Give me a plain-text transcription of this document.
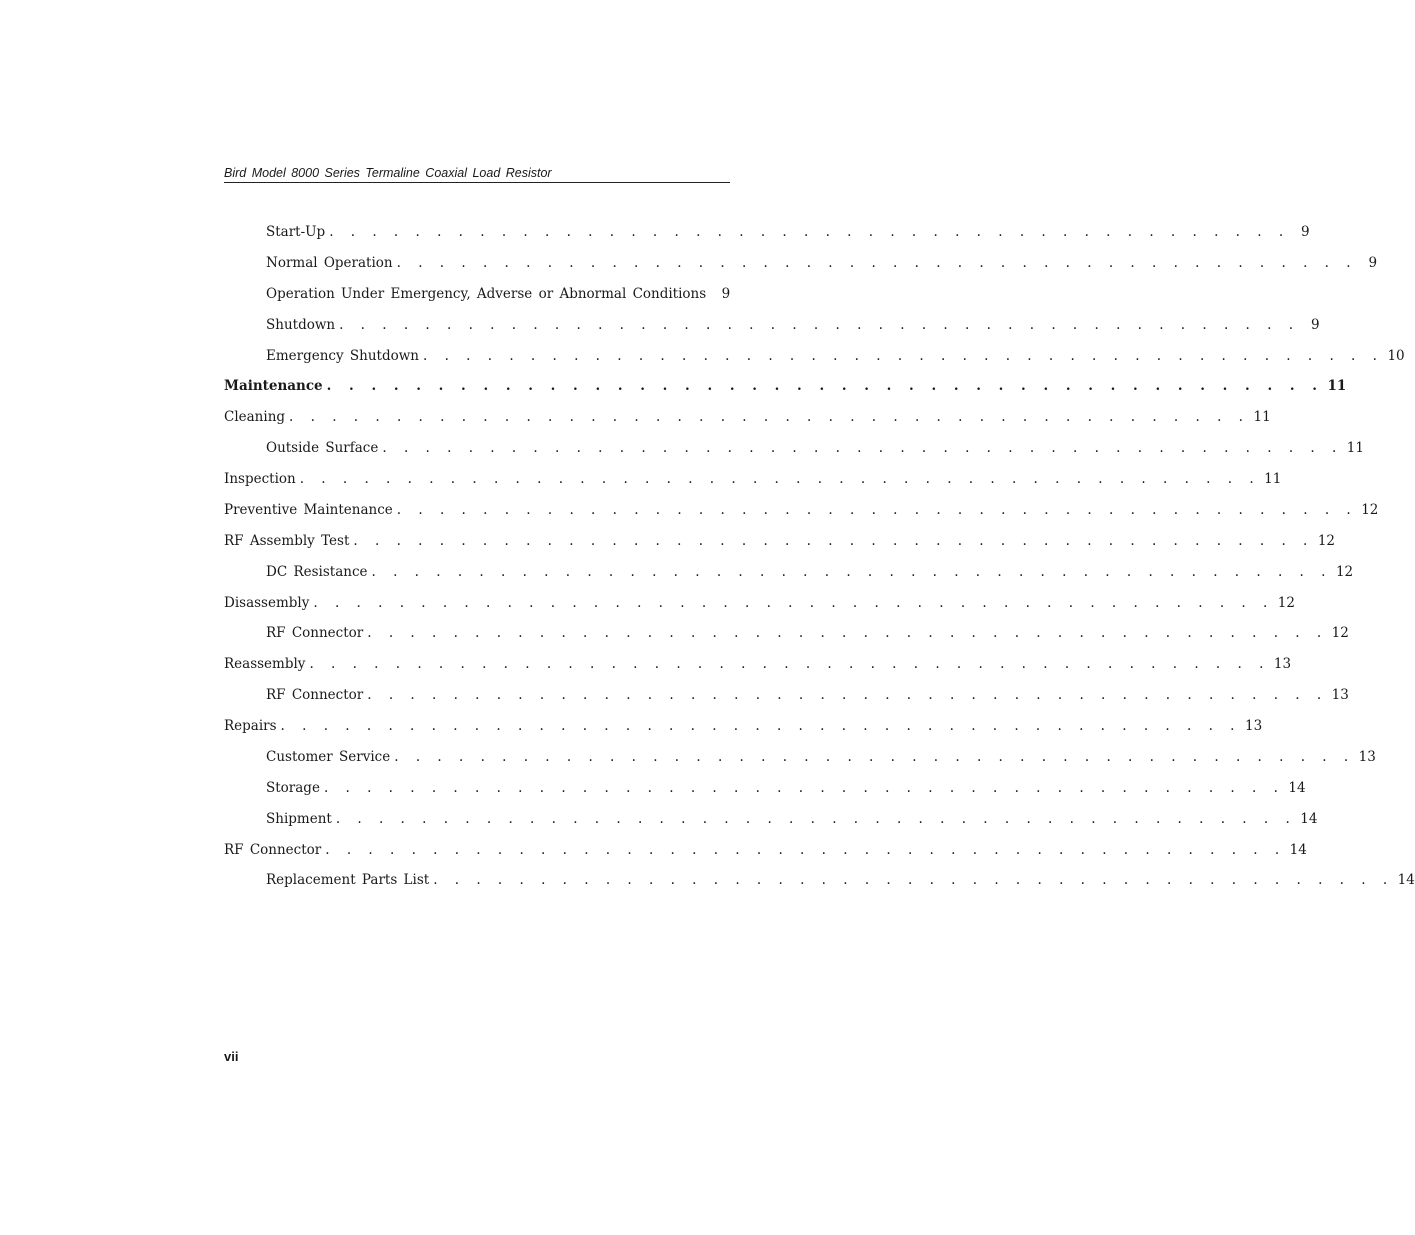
Bird Model 8000 Series Termaline Coaxial Load Resistor
Start-Up . . . . . . . . . . . . . . . . . . . . . . . . . . . . . . . . . . . . . . . . . . . . . 9
Normal Operation . . . . . . . . . . . . . . . . . . . . . . . . . . . . . . . . . . . . . . . . . . . . . 9
Operation Under Emergency, Adverse or Abnormal Conditions	9
Shutdown . . . . . . . . . . . . . . . . . . . . . . . . . . . . . . . . . . . . . . . . . . . . . 9
Emergency Shutdown . . . . . . . . . . . . . . . . . . . . . . . . . . . . . . . . . . . . . . . . . . . . . 10
Maintenance . . . . . . . . . . . . . . . . . . . . . . . . . . . . . . . . . . . . . . . . . . . . . 11
Cleaning . . . . . . . . . . . . . . . . . . . . . . . . . . . . . . . . . . . . . . . . . . . . . 11
Outside Surface . . . . . . . . . . . . . . . . . . . . . . . . . . . . . . . . . . . . . . . . . . . . . 11
Inspection . . . . . . . . . . . . . . . . . . . . . . . . . . . . . . . . . . . . . . . . . . . . . 11
Preventive Maintenance . . . . . . . . . . . . . . . . . . . . . . . . . . . . . . . . . . . . . . . . . . . . . 12
RF Assembly Test . . . . . . . . . . . . . . . . . . . . . . . . . . . . . . . . . . . . . . . . . . . . . 12
DC Resistance . . . . . . . . . . . . . . . . . . . . . . . . . . . . . . . . . . . . . . . . . . . . . 12
Disassembly . . . . . . . . . . . . . . . . . . . . . . . . . . . . . . . . . . . . . . . . . . . . . 12
RF Connector . . . . . . . . . . . . . . . . . . . . . . . . . . . . . . . . . . . . . . . . . . . . . 12
Reassembly . . . . . . . . . . . . . . . . . . . . . . . . . . . . . . . . . . . . . . . . . . . . . 13
RF Connector . . . . . . . . . . . . . . . . . . . . . . . . . . . . . . . . . . . . . . . . . . . . . 13
Repairs . . . . . . . . . . . . . . . . . . . . . . . . . . . . . . . . . . . . . . . . . . . . . 13
Customer Service . . . . . . . . . . . . . . . . . . . . . . . . . . . . . . . . . . . . . . . . . . . . . 13
Storage . . . . . . . . . . . . . . . . . . . . . . . . . . . . . . . . . . . . . . . . . . . . . 14
Shipment . . . . . . . . . . . . . . . . . . . . . . . . . . . . . . . . . . . . . . . . . . . . . 14
RF Connector . . . . . . . . . . . . . . . . . . . . . . . . . . . . . . . . . . . . . . . . . . . . . 14
Replacement Parts List . . . . . . . . . . . . . . . . . . . . . . . . . . . . . . . . . . . . . . . . . . . . . 14
vii
